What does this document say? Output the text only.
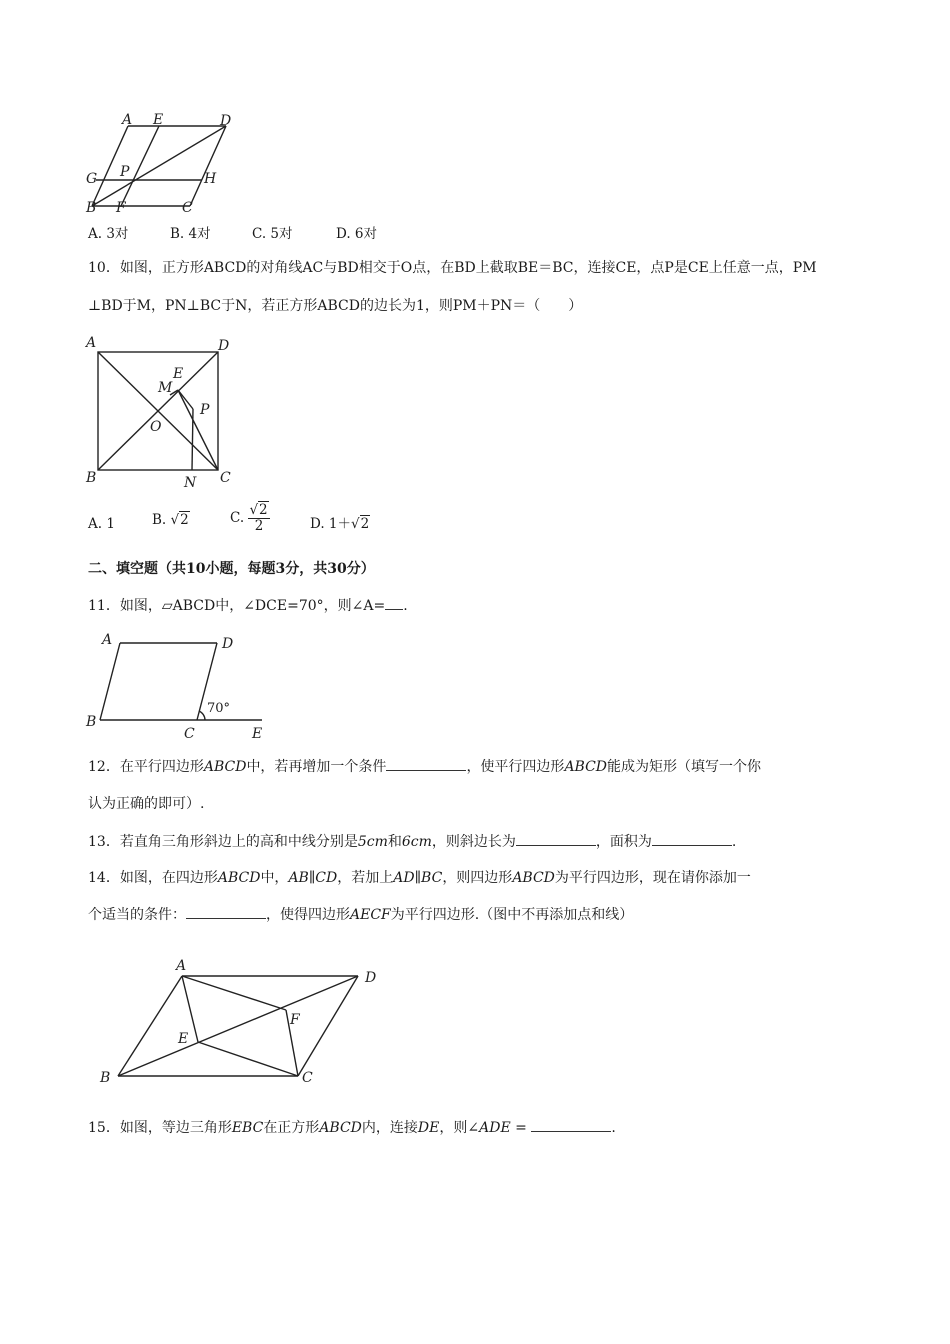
A E	D
G P	H
B F	C
A. 3对	B. 4对	C. 5对	D. 6对
10．如图，正方形ABCD的对角线AC与BD相交于O点，在BD上截取BE＝BC，连接CE，点P是CE上任意一点，PM
⊥BD于M，PN⊥BC于N，若正方形ABCD的边长为1，则PM＋PN＝（　　）
A	D
E
M
P
O
B	N C
A. 1	B. √2	C. $\frac{√2}{2}$	D. 1＋√2
二、填空题（共10小题，每题3分，共30分）
11．如图，▱ABCD中，∠DCE=70°，则∠A= .
A	D
B
C	E
70°
12．在平行四边形ABCD中，若再增加一个条件	，使平行四边形ABCD能成为矩形（填写一个你
认为正确的即可）.
13．若直角三角形斜边上的高和中线分别是5cm和6cm，则斜边长为	，面积为	.
14．如图，在四边形ABCD中，AB∥CD，若加上AD∥BC，则四边形ABCD为平行四边形，现在请你添加一
个适当的条件：	，使得四边形AECF为平行四边形.（图中不再添加点和线）
A
D
F
E
B	C
15．如图，等边三角形EBC在正方形ABCD内，连接DE，则∠ADE =	.
